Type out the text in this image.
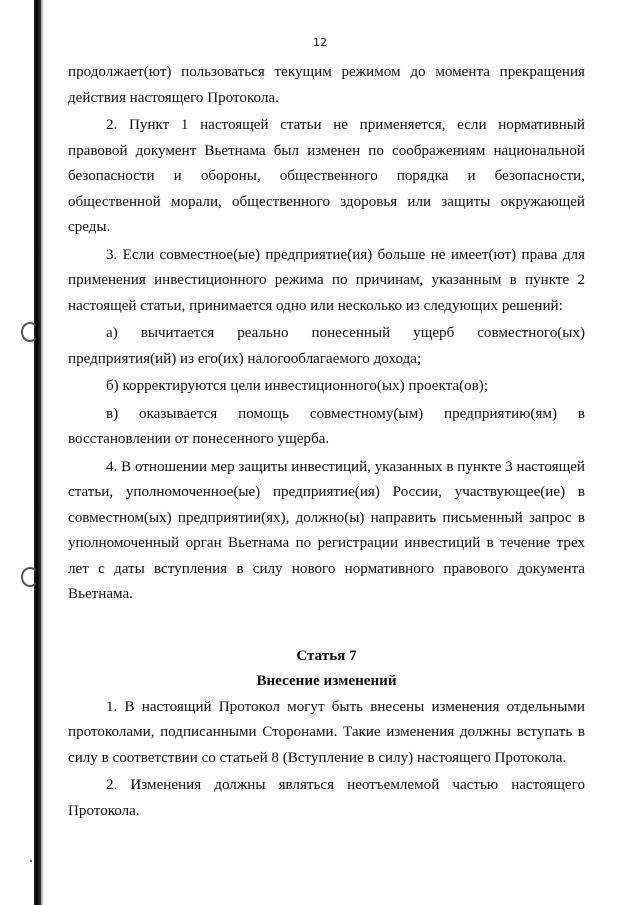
12

продолжает(ют) пользоваться текущим режимом до момента прекращения действия настоящего Протокола.

2. Пункт 1 настоящей статьи не применяется, если нормативный правовой документ Вьетнама был изменен по соображениям национальной безопасности и обороны, общественного порядка и безопасности, общественной морали, общественного здоровья или защиты окружающей среды.

3. Если совместное(ые) предприятие(ия) больше не имеет(ют) права для применения инвестиционного режима по причинам, указанным в пункте 2 настоящей статьи, принимается одно или несколько из следующих решений:

а) вычитается реально понесенный ущерб совместного(ых) предприятия(ий) из его(их) налогооблагаемого дохода;

б) корректируются цели инвестиционного(ых) проекта(ов);

в) оказывается помощь совместному(ым) предприятию(ям) в восстановлении от понесенного ущерба.

4. В отношении мер защиты инвестиций, указанных в пункте 3 настоящей статьи, уполномоченное(ые) предприятие(ия) России, участвующее(ие) в совместном(ых) предприятии(ях), должно(ы) направить письменный запрос в уполномоченный орган Вьетнама по регистрации инвестиций в течение трех лет с даты вступления в силу нового нормативного правового документа Вьетнама.

Статья 7

Внесение изменений

1. В настоящий Протокол могут быть внесены изменения отдельными протоколами, подписанными Сторонами. Такие изменения должны вступать в силу в соответствии со статьей 8 (Вступление в силу) настоящего Протокола.

2. Изменения должны являться неотъемлемой частью настоящего Протокола.
